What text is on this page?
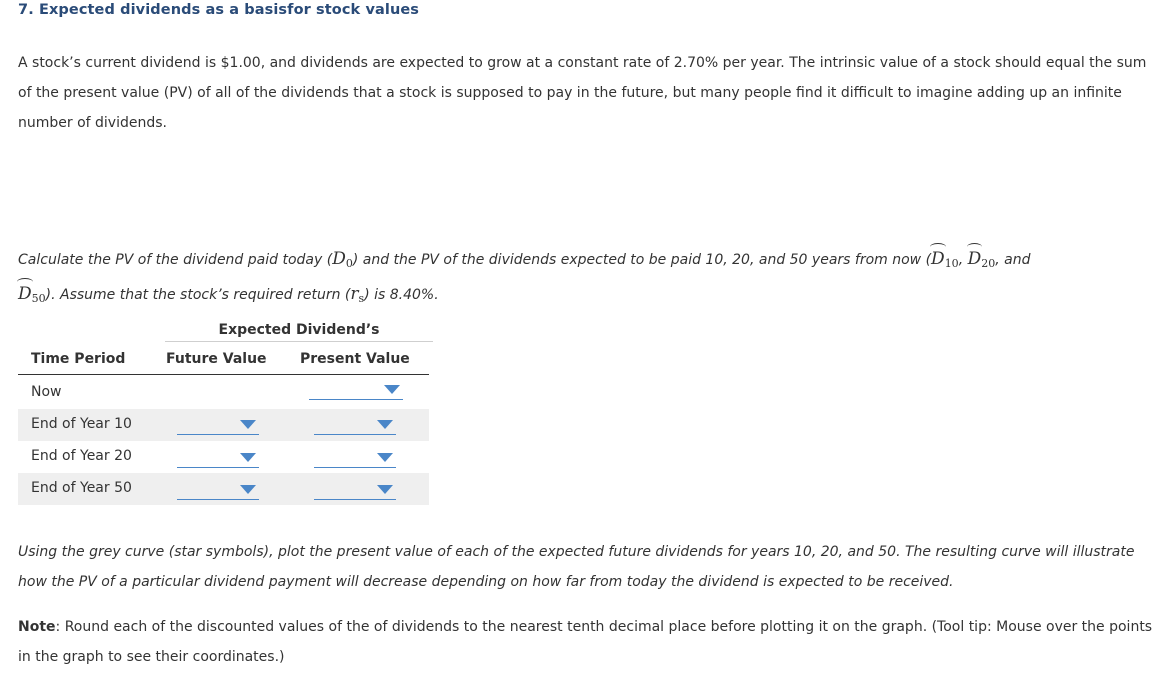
7. Expected dividends as a basisfor stock values
A stock’s current dividend is $1.00, and dividends are expected to grow at a constant rate of 2.70% per year. The intrinsic value of a stock should equal the sum of the present value (PV) of all of the dividends that a stock is supposed to pay in the future, but many people find it difficult to imagine adding up an infinite number of dividends.
Calculate the PV of the dividend paid today $(D_0)$ and the PV of the dividends expected to be paid 10, 20, and 50 years from now ($D_{10}$, $D_{20}$, and
$D_{50}$). Assume that the stock’s required return $(r_s)$ is 8.40%.
Expected Dividend’s
Time Period	Future Value Present Value
Now
End of Year 10
End of Year 20
End of Year 50
Using the grey curve (star symbols), plot the present value of each of the expected future dividends for years 10, 20, and 50. The resulting curve will illustrate how the PV of a particular dividend payment will decrease depending on how far from today the dividend is expected to be received.
Note: Round each of the discounted values of the of dividends to the nearest tenth decimal place before plotting it on the graph. (Tool tip: Mouse over the points in the graph to see their coordinates.)
